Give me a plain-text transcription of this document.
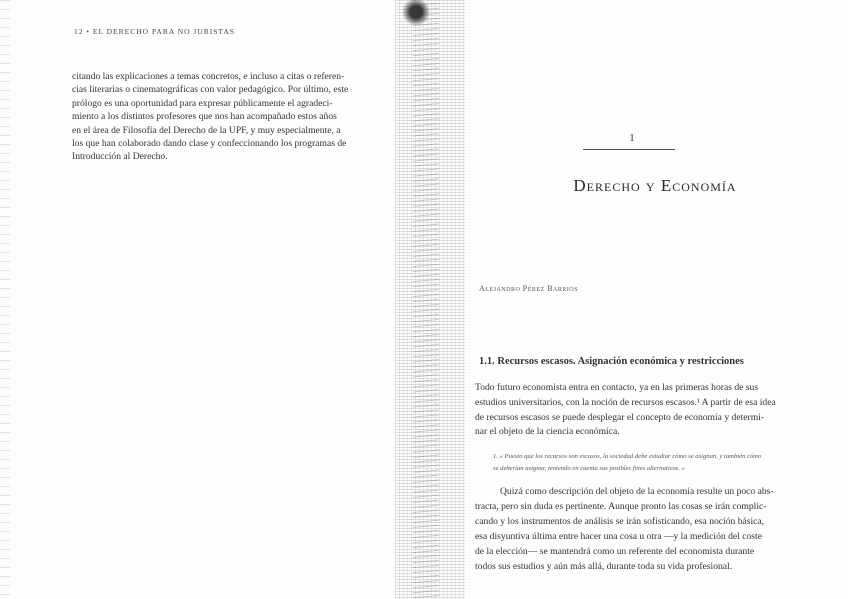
12 • EL DERECHO PARA NO JURISTAS
citando las explicaciones a temas concretos, e incluso a citas o referen-
cias literarias o cinematográficas con valor pedagógico. Por último, este
prólogo es una oportunidad para expresar públicamente el agradeci-
miento a los distintos profesores que nos han acompañado estos años
en el área de Filosofía del Derecho de la UPF, y muy especialmente, a
los que han colaborado dando clase y confeccionando los programas de
Introducción al Derecho.
1
Derecho y Economía
Alejandro Pérez Barrios
1.1. Recursos escasos. Asignación económica y restricciones
Todo futuro economista entra en contacto, ya en las primeras horas de sus
estudios universitarios, con la noción de recursos escasos.¹ A partir de esa idea
de recursos escasos se puede desplegar el concepto de economía y determi-
nar el objeto de la ciencia económica.
1. « Puesto que los recursos son escasos, la sociedad debe estudiar cómo se asignan, y también cómo
se deberían asignar, teniendo en cuenta sus posibles fines alternativos. »
Quizá como descripción del objeto de la economía resulte un poco abs-
tracta, pero sin duda es pertinente. Aunque pronto las cosas se irán complic-
cando y los instrumentos de análisis se irán sofisticando, esa noción básica,
esa disyuntiva última entre hacer una cosa u otra —y la medición del coste
de la elección— se mantendrá como un referente del economista durante
todos sus estudios y aún más allá, durante toda su vida profesional.
